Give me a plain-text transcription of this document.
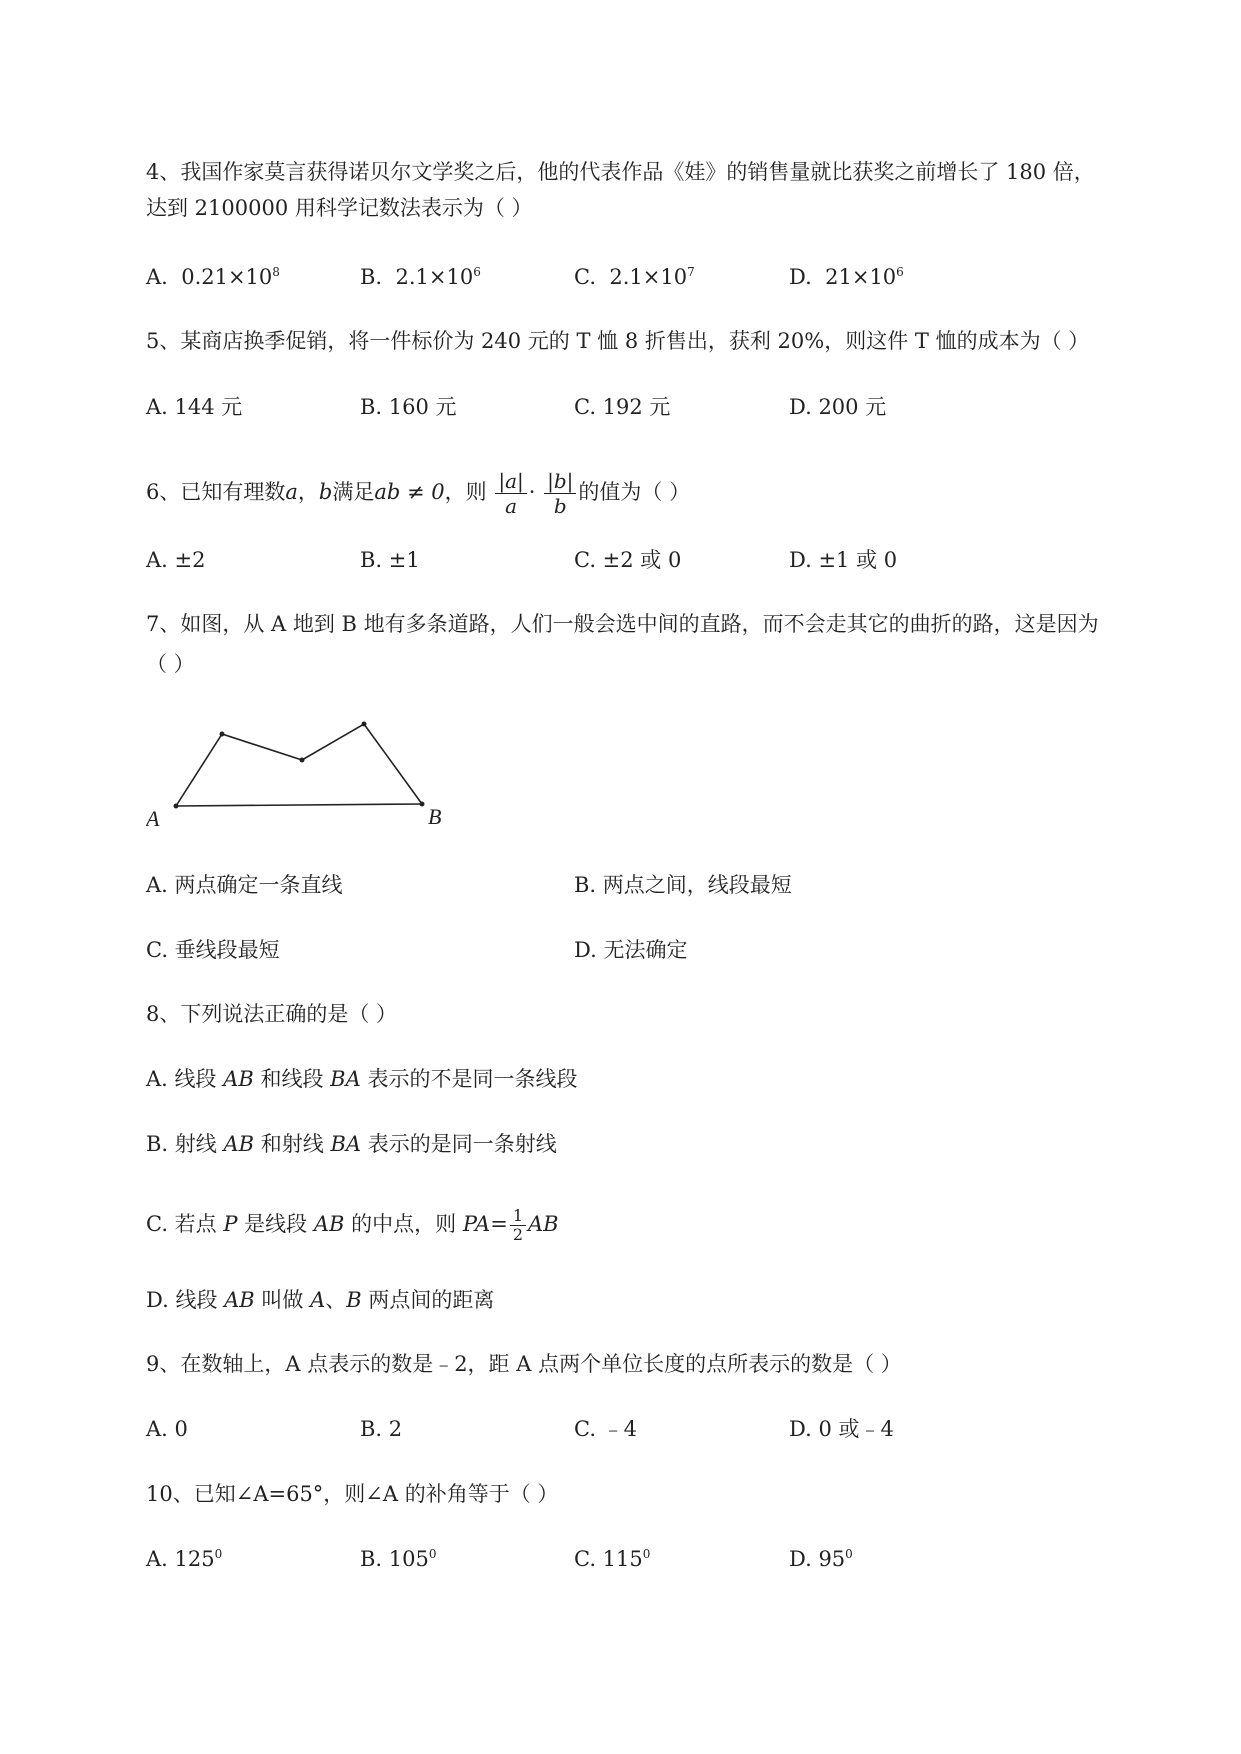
4、我国作家莫言获得诺贝尔文学奖之后，他的代表作品《娃》的销售量就比获奖之前增长了 180 倍，
达到 2100000 用科学记数法表示为（ ）
A. $0.21\times 10^8$	B. $2.1\times 10^6$	C. $2.1\times 10^7$	D. $21\times 10^6$
5、某商店换季促销，将一件标价为 240 元的 T 恤 8 折售出，获利 20%，则这件 T 恤的成本为（ ）
A. 144 元	B. 160 元	C. 192 元	D. 200 元
6、已知有理数a，b满足ab ≠ 0，则 $\frac{|a|}{a} \cdot \frac{|b|}{b}$ 的值为（ ）
A. ±2	B. ±1	C. ±2 或 0	D. ±1 或 0
7、如图，从 A 地到 B 地有多条道路，人们一般会选中间的直路，而不会走其它的曲折的路，这是因为
（ ）
A	B
A. 两点确定一条直线	B. 两点之间，线段最短
C. 垂线段最短	D. 无法确定
8、下列说法正确的是（ ）
A. 线段 AB 和线段 BA 表示的不是同一条线段
B. 射线 AB 和射线 BA 表示的是同一条射线
C. 若点 P 是线段 AB 的中点，则 $PA= \frac{1}{2}$ AB
D. 线段 AB 叫做 A、B 两点间的距离
9、在数轴上，A 点表示的数是﹣2，距 A 点两个单位长度的点所表示的数是（ ）
A. 0	B. 2	C. ﹣4	D. 0 或﹣4
10、已知∠A=65°，则∠A 的补角等于（ ）
A. $125^0$	B. $105^0$	C. $115^0$	D. $95^0$
